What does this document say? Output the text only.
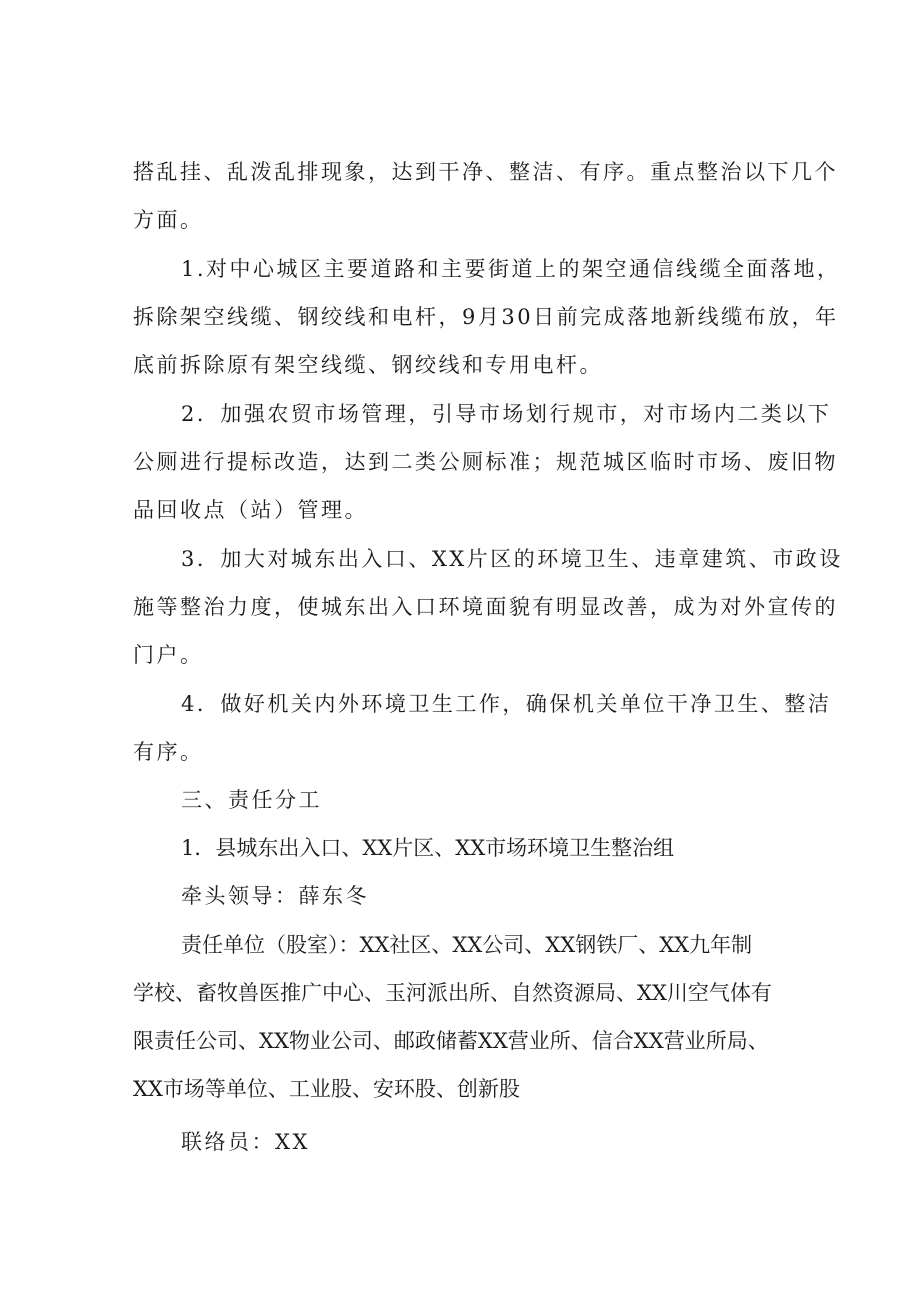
搭乱挂、乱泼乱排现象，达到干净、整洁、有序。重点整治以下几个
方面。
1.对中心城区主要道路和主要街道上的架空通信线缆全面落地，
拆除架空线缆、钢绞线和电杆，9月30日前完成落地新线缆布放，年
底前拆除原有架空线缆、钢绞线和专用电杆。
2．加强农贸市场管理，引导市场划行规市，对市场内二类以下
公厕进行提标改造，达到二类公厕标准；规范城区临时市场、废旧物
品回收点（站）管理。
3．加大对城东出入口、XX片区的环境卫生、违章建筑、市政设
施等整治力度，使城东出入口环境面貌有明显改善，成为对外宣传的
门户。
4．做好机关内外环境卫生工作，确保机关单位干净卫生、整洁
有序。
三、责任分工
1．县城东出入口、XX片区、XX市场环境卫生整治组
牵头领导：薛东冬
责任单位（股室）：XX社区、XX公司、XX钢铁厂、XX九年制
学校、畜牧兽医推广中心、玉河派出所、自然资源局、XX川空气体有
限责任公司、XX物业公司、邮政储蓄XX营业所、信合XX营业所局、
XX市场等单位、工业股、安环股、创新股
联络员：XX
